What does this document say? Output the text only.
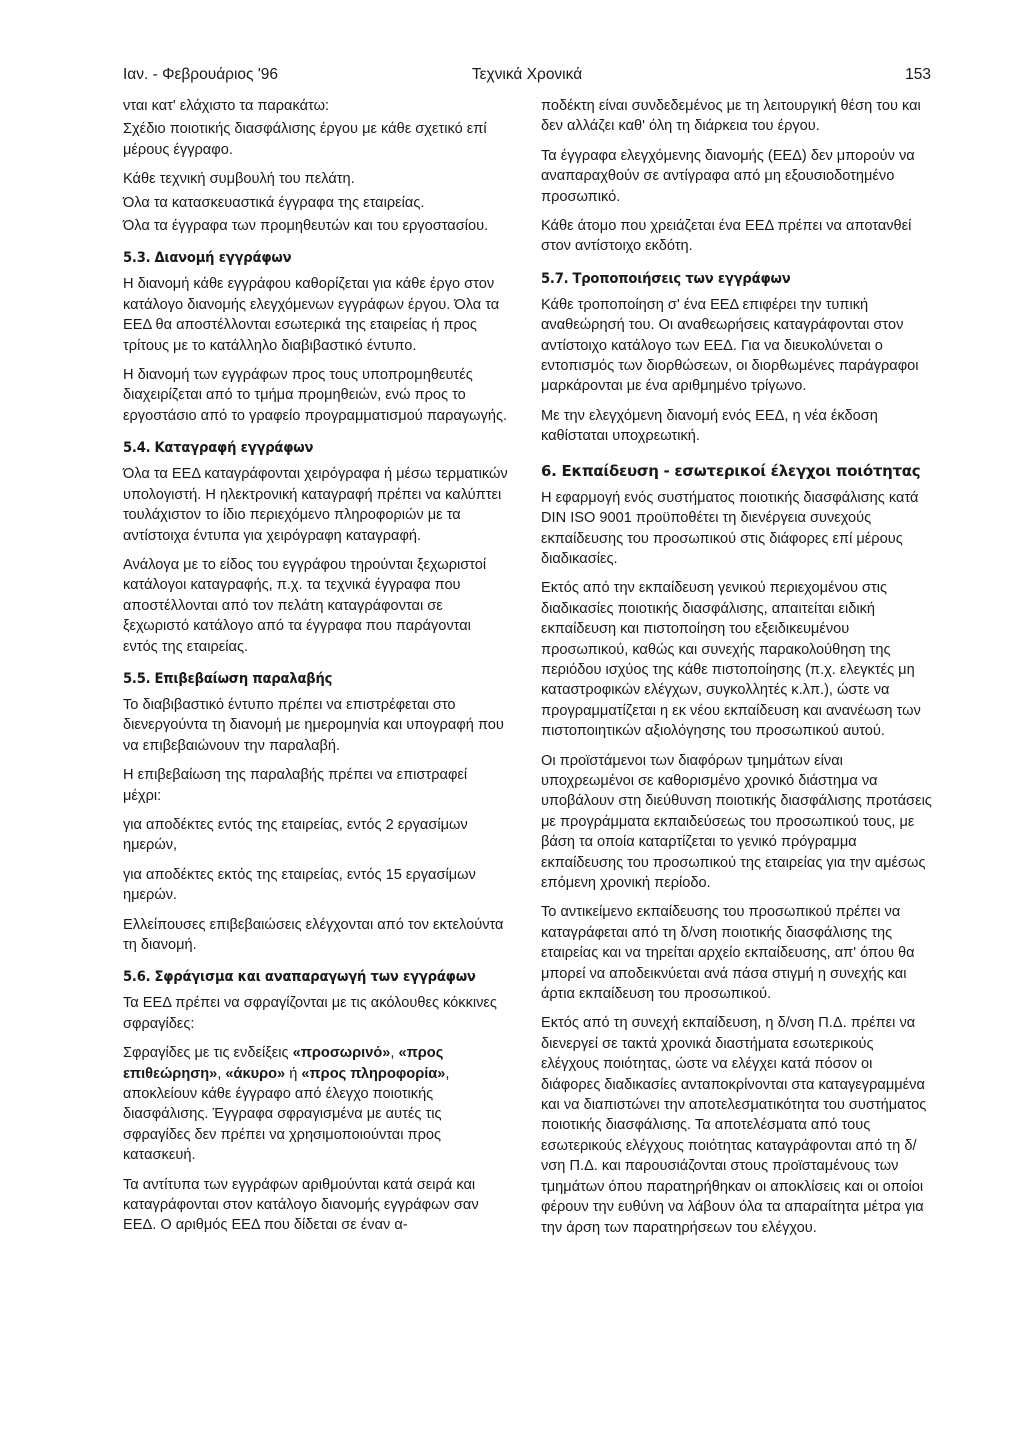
Ιαν. - Φεβρουάριος '96	Τεχνικά Χρονικά	153

νται κατ' ελάχιστο τα παρακάτω:

Σχέδιο ποιοτικής διασφάλισης έργου με κάθε σχετικό επί μέρους έγγραφο.

Κάθε τεχνική συμβουλή του πελάτη.

Όλα τα κατασκευαστικά έγγραφα της εταιρείας.

Όλα τα έγγραφα των προμηθευτών και του εργοστασίου.

5.3. Διανομή εγγράφων

Η διανομή κάθε εγγράφου καθορίζεται για κάθε έργο στον κατάλογο διανομής ελεγχόμενων εγγράφων έργου. Όλα τα ΕΕΔ θα αποστέλλονται εσωτερικά της εταιρείας ή προς τρίτους με το κατάλληλο διαβιβαστικό έντυπο.

Η διανομή των εγγράφων προς τους υποπρομηθευτές διαχειρίζεται από το τμήμα προμηθειών, ενώ προς το εργοστάσιο από το γραφείο προγραμματισμού παραγωγής.

5.4. Καταγραφή εγγράφων

Όλα τα ΕΕΔ καταγράφονται χειρόγραφα ή μέσω τερματικών υπολογιστή. Η ηλεκτρονική καταγραφή πρέπει να καλύπτει τουλάχιστον το ίδιο περιεχόμενο πληροφοριών με τα αντίστοιχα έντυπα για χειρόγραφη καταγραφή.

Ανάλογα με το είδος του εγγράφου τηρούνται ξεχωριστοί κατάλογοι καταγραφής, π.χ. τα τεχνικά έγγραφα που αποστέλλονται από τον πελάτη καταγράφονται σε ξεχωριστό κατάλογο από τα έγγραφα που παράγονται εντός της εταιρείας.

5.5. Επιβεβαίωση παραλαβής

Το διαβιβαστικό έντυπο πρέπει να επιστρέφεται στο διενεργούντα τη διανομή με ημερομηνία και υπογραφή που να επιβεβαιώνουν την παραλαβή.

Η επιβεβαίωση της παραλαβής πρέπει να επιστραφεί μέχρι:

για αποδέκτες εντός της εταιρείας, εντός 2 εργασίμων ημερών,

για αποδέκτες εκτός της εταιρείας, εντός 15 εργασίμων ημερών.

Ελλείπουσες επιβεβαιώσεις ελέγχονται από τον εκτελούντα τη διανομή.

5.6. Σφράγισμα και αναπαραγωγή των εγγράφων

Τα ΕΕΔ πρέπει να σφραγίζονται με τις ακόλουθες κόκκινες σφραγίδες:

Σφραγίδες με τις ενδείξεις «προσωρινό», «προς επιθεώρηση», «άκυρο» ή «προς πληροφορία», αποκλείουν κάθε έγγραφο από έλεγχο ποιοτικής διασφάλισης. Έγγραφα σφραγισμένα με αυτές τις σφραγίδες δεν πρέπει να χρησιμοποιούνται προς κατασκευή.

Τα αντίτυπα των εγγράφων αριθμούνται κατά σειρά και καταγράφονται στον κατάλογο διανομής εγγράφων σαν ΕΕΔ. Ο αριθμός ΕΕΔ που δίδεται σε έναν α-

ποδέκτη είναι συνδεδεμένος με τη λειτουργική θέση του και δεν αλλάζει καθ' όλη τη διάρκεια του έργου.

Τα έγγραφα ελεγχόμενης διανομής (ΕΕΔ) δεν μπορούν να αναπαραχθούν σε αντίγραφα από μη εξουσιοδοτημένο προσωπικό.

Κάθε άτομο που χρειάζεται ένα ΕΕΔ πρέπει να αποτανθεί στον αντίστοιχο εκδότη.

5.7. Τροποποιήσεις των εγγράφων

Κάθε τροποποίηση σ' ένα ΕΕΔ επιφέρει την τυπική αναθεώρησή του. Οι αναθεωρήσεις καταγράφονται στον αντίστοιχο κατάλογο των ΕΕΔ. Για να διευκολύνεται ο εντοπισμός των διορθώσεων, οι διορθωμένες παράγραφοι μαρκάρονται με ένα αριθμημένο τρίγωνο.

Με την ελεγχόμενη διανομή ενός ΕΕΔ, η νέα έκδοση καθίσταται υποχρεωτική.

6. Εκπαίδευση - εσωτερικοί έλεγχοι ποιότητας

Η εφαρμογή ενός συστήματος ποιοτικής διασφάλισης κατά DIN ISO 9001 προϋποθέτει τη διενέργεια συνεχούς εκπαίδευσης του προσωπικού στις διάφορες επί μέρους διαδικασίες.

Εκτός από την εκπαίδευση γενικού περιεχομένου στις διαδικασίες ποιοτικής διασφάλισης, απαιτείται ειδική εκπαίδευση και πιστοποίηση του εξειδικευμένου προσωπικού, καθώς και συνεχής παρακολούθηση της περιόδου ισχύος της κάθε πιστοποίησης (π.χ. ελεγκτές μη καταστροφικών ελέγχων, συγκολλητές κ.λπ.), ώστε να προγραμματίζεται η εκ νέου εκπαίδευση και ανανέωση των πιστοποιητικών αξιολόγησης του προσωπικού αυτού.

Οι προϊστάμενοι των διαφόρων τμημάτων είναι υποχρεωμένοι σε καθορισμένο χρονικό διάστημα να υποβάλουν στη διεύθυνση ποιοτικής διασφάλισης προτάσεις με προγράμματα εκπαιδεύσεως του προσωπικού τους, με βάση τα οποία καταρτίζεται το γενικό πρόγραμμα εκπαίδευσης του προσωπικού της εταιρείας για την αμέσως επόμενη χρονική περίοδο.

Το αντικείμενο εκπαίδευσης του προσωπικού πρέπει να καταγράφεται από τη δ/νση ποιοτικής διασφάλισης της εταιρείας και να τηρείται αρχείο εκπαίδευσης, απ' όπου θα μπορεί να αποδεικνύεται ανά πάσα στιγμή η συνεχής και άρτια εκπαίδευση του προσωπικού.

Εκτός από τη συνεχή εκπαίδευση, η δ/νση Π.Δ. πρέπει να διενεργεί σε τακτά χρονικά διαστήματα εσωτερικούς ελέγχους ποιότητας, ώστε να ελέγχει κατά πόσον οι διάφορες διαδικασίες ανταποκρίνονται στα καταγεγραμμένα και να διαπιστώνει την αποτελεσματικότητα του συστήματος ποιοτικής διασφάλισης. Τα αποτελέσματα από τους εσωτερικούς ελέγχους ποιότητας καταγράφονται από τη δ/νση Π.Δ. και παρουσιάζονται στους προϊσταμένους των τμημάτων όπου παρατηρήθηκαν οι αποκλίσεις και οι οποίοι φέρουν την ευθύνη να λάβουν όλα τα απαραίτητα μέτρα για την άρση των παρατηρήσεων του ελέγχου.
